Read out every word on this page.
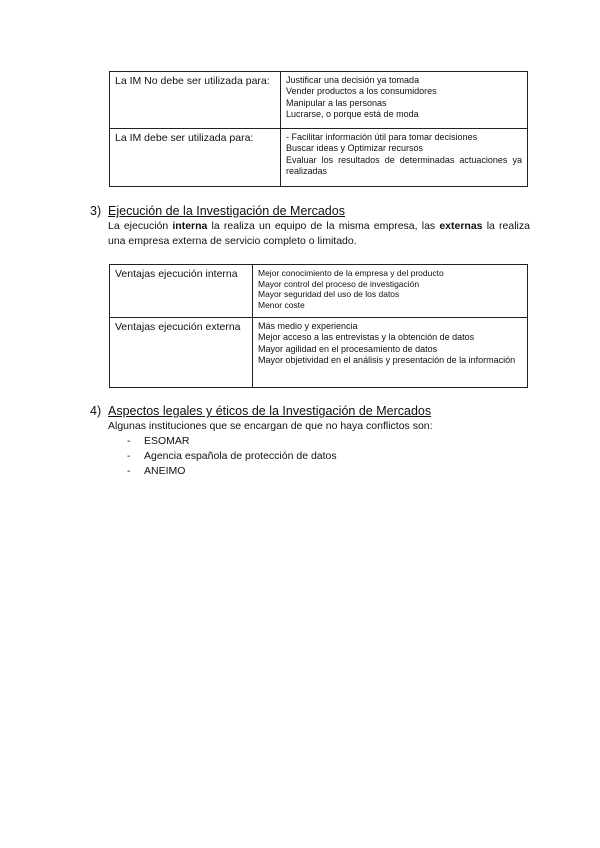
La IM No debe ser utilizada para:	Justificar una decisión ya tomada
Vender productos a los consumidores
Manipular a las personas
Lucrarse, o porque está de moda

La IM debe ser utilizada para:	- Facilitar información útil para tomar decisiones
Buscar ideas y Optimizar recursos
Evaluar los resultados de determinadas actuaciones ya realizadas
3) Ejecución de la Investigación de Mercados
La ejecución interna la realiza un equipo de la misma empresa, las externas la realiza una empresa externa de servicio completo o limitado.
Ventajas ejecución interna	Mejor conocimiento de la empresa y del producto
Mayor control del proceso de investigación
Mayor seguridad del uso de los datos
Menor coste

Ventajas ejecución externa	Más medio y experiencia
Mejor acceso a las entrevistas y la obtención de datos
Mayor agilidad en el procesamiento de datos
Mayor objetividad en el análisis y presentación de la información
4) Aspectos legales y éticos de la Investigación de Mercados
Algunas instituciones que se encargan de que no haya conflictos son:
- ESOMAR
- Agencia española de protección de datos
- ANEIMO
